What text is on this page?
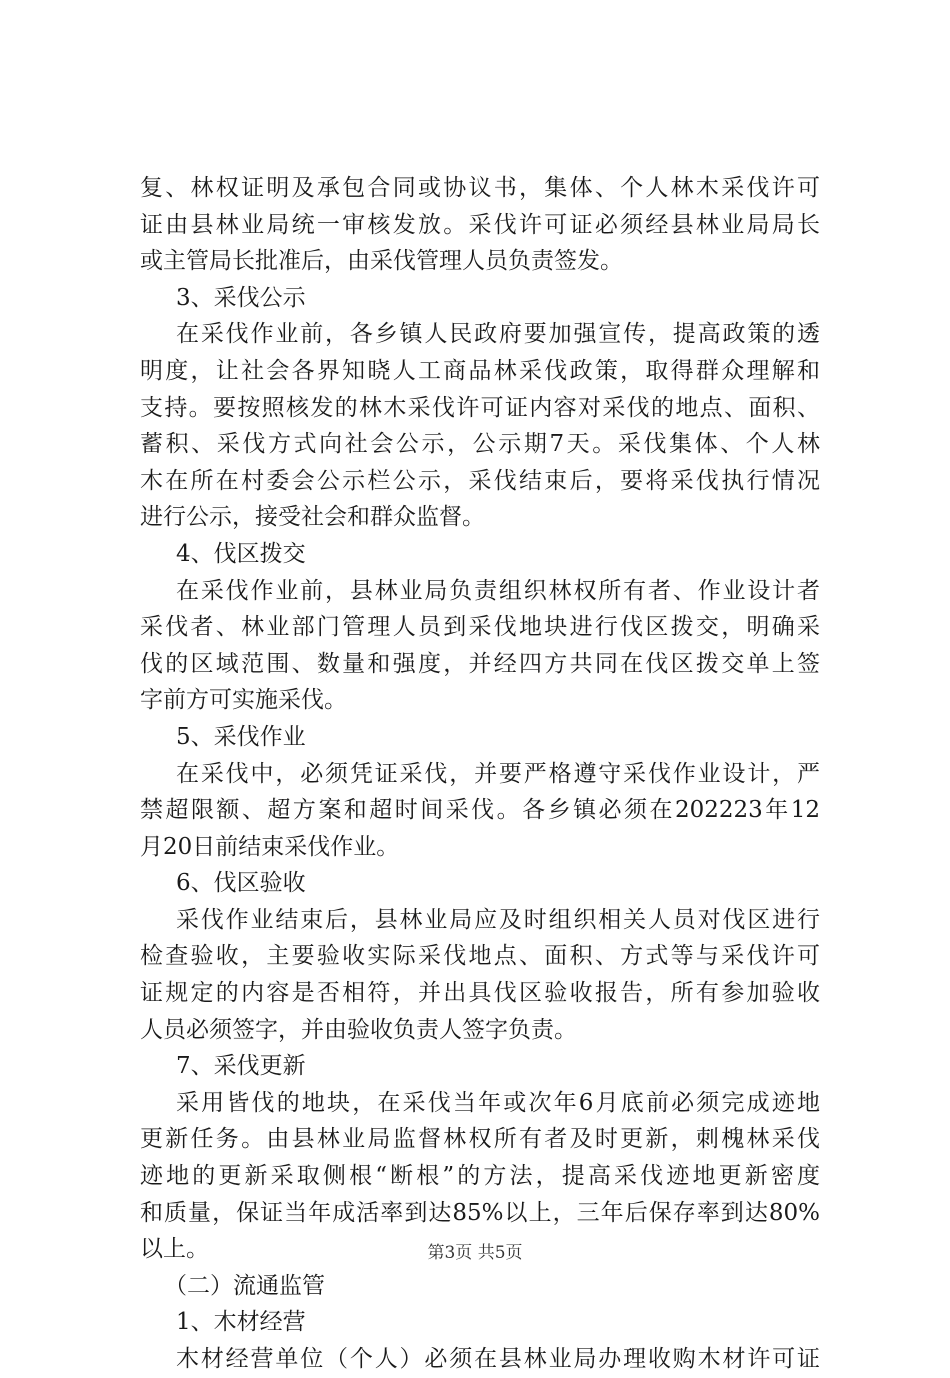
复、林权证明及承包合同或协议书，集体、个人林木采伐许可
证由县林业局统一审核发放。采伐许可证必须经县林业局局长
或主管局长批准后，由采伐管理人员负责签发。
3、采伐公示
在采伐作业前，各乡镇人民政府要加强宣传，提高政策的透
明度，让社会各界知晓人工商品林采伐政策，取得群众理解和
支持。要按照核发的林木采伐许可证内容对采伐的地点、面积、
蓄积、采伐方式向社会公示，公示期7天。采伐集体、个人林
木在所在村委会公示栏公示，采伐结束后，要将采伐执行情况
进行公示，接受社会和群众监督。
4、伐区拨交
在采伐作业前，县林业局负责组织林权所有者、作业设计者
采伐者、林业部门管理人员到采伐地块进行伐区拨交，明确采
伐的区域范围、数量和强度，并经四方共同在伐区拨交单上签
字前方可实施采伐。
5、采伐作业
在采伐中，必须凭证采伐，并要严格遵守采伐作业设计，严
禁超限额、超方案和超时间采伐。各乡镇必须在202223年12
月20日前结束采伐作业。
6、伐区验收
采伐作业结束后，县林业局应及时组织相关人员对伐区进行
检查验收，主要验收实际采伐地点、面积、方式等与采伐许可
证规定的内容是否相符，并出具伐区验收报告，所有参加验收
人员必须签字，并由验收负责人签字负责。
7、采伐更新
采用皆伐的地块，在采伐当年或次年6月底前必须完成迹地
更新任务。由县林业局监督林权所有者及时更新，刺槐林采伐
迹地的更新采取侧根“断根”的方法，提高采伐迹地更新密度
和质量，保证当年成活率到达85%以上，三年后保存率到达80%
以上。
（二）流通监管
1、木材经营
木材经营单位（个人）必须在县林业局办理收购木材许可证
第3页 共5页
